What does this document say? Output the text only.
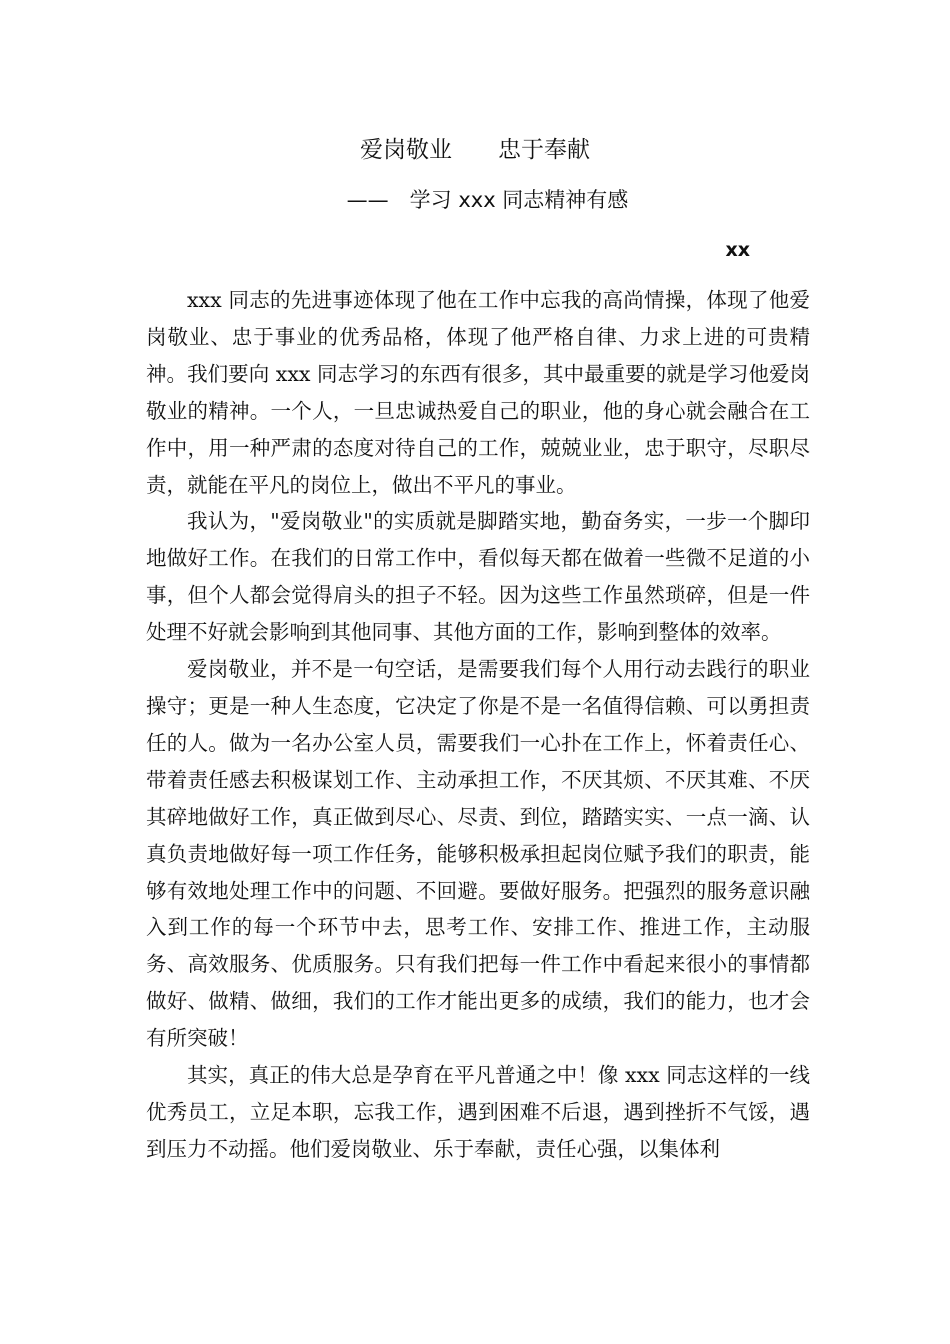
爱岗敬业　　忠于奉献
——　学习 xxx 同志精神有感
xx

xxx 同志的先进事迹体现了他在工作中忘我的高尚情操，体现了他爱岗敬业、忠于事业的优秀品格，体现了他严格自律、力求上进的可贵精神。我们要向 xxx 同志学习的东西有很多，其中最重要的就是学习他爱岗敬业的精神。一个人，一旦忠诚热爱自己的职业，他的身心就会融合在工作中，用一种严肃的态度对待自己的工作，兢兢业业，忠于职守，尽职尽责，就能在平凡的岗位上，做出不平凡的事业。

我认为，"爱岗敬业"的实质就是脚踏实地，勤奋务实，一步一个脚印地做好工作。在我们的日常工作中，看似每天都在做着一些微不足道的小事，但个人都会觉得肩头的担子不轻。因为这些工作虽然琐碎，但是一件处理不好就会影响到其他同事、其他方面的工作，影响到整体的效率。

爱岗敬业，并不是一句空话，是需要我们每个人用行动去践行的职业操守；更是一种人生态度，它决定了你是不是一名值得信赖、可以勇担责任的人。做为一名办公室人员，需要我们一心扑在工作上，怀着责任心、带着责任感去积极谋划工作、主动承担工作，不厌其烦、不厌其难、不厌其碎地做好工作，真正做到尽心、尽责、到位，踏踏实实、一点一滴、认真负责地做好每一项工作任务，能够积极承担起岗位赋予我们的职责，能够有效地处理工作中的问题、不回避。要做好服务。把强烈的服务意识融入到工作的每一个环节中去，思考工作、安排工作、推进工作，主动服务、高效服务、优质服务。只有我们把每一件工作中看起来很小的事情都做好、做精、做细，我们的工作才能出更多的成绩，我们的能力，也才会有所突破！

其实，真正的伟大总是孕育在平凡普通之中！像 xxx 同志这样的一线优秀员工，立足本职，忘我工作，遇到困难不后退，遇到挫折不气馁，遇到压力不动摇。他们爱岗敬业、乐于奉献，责任心强，以集体利
